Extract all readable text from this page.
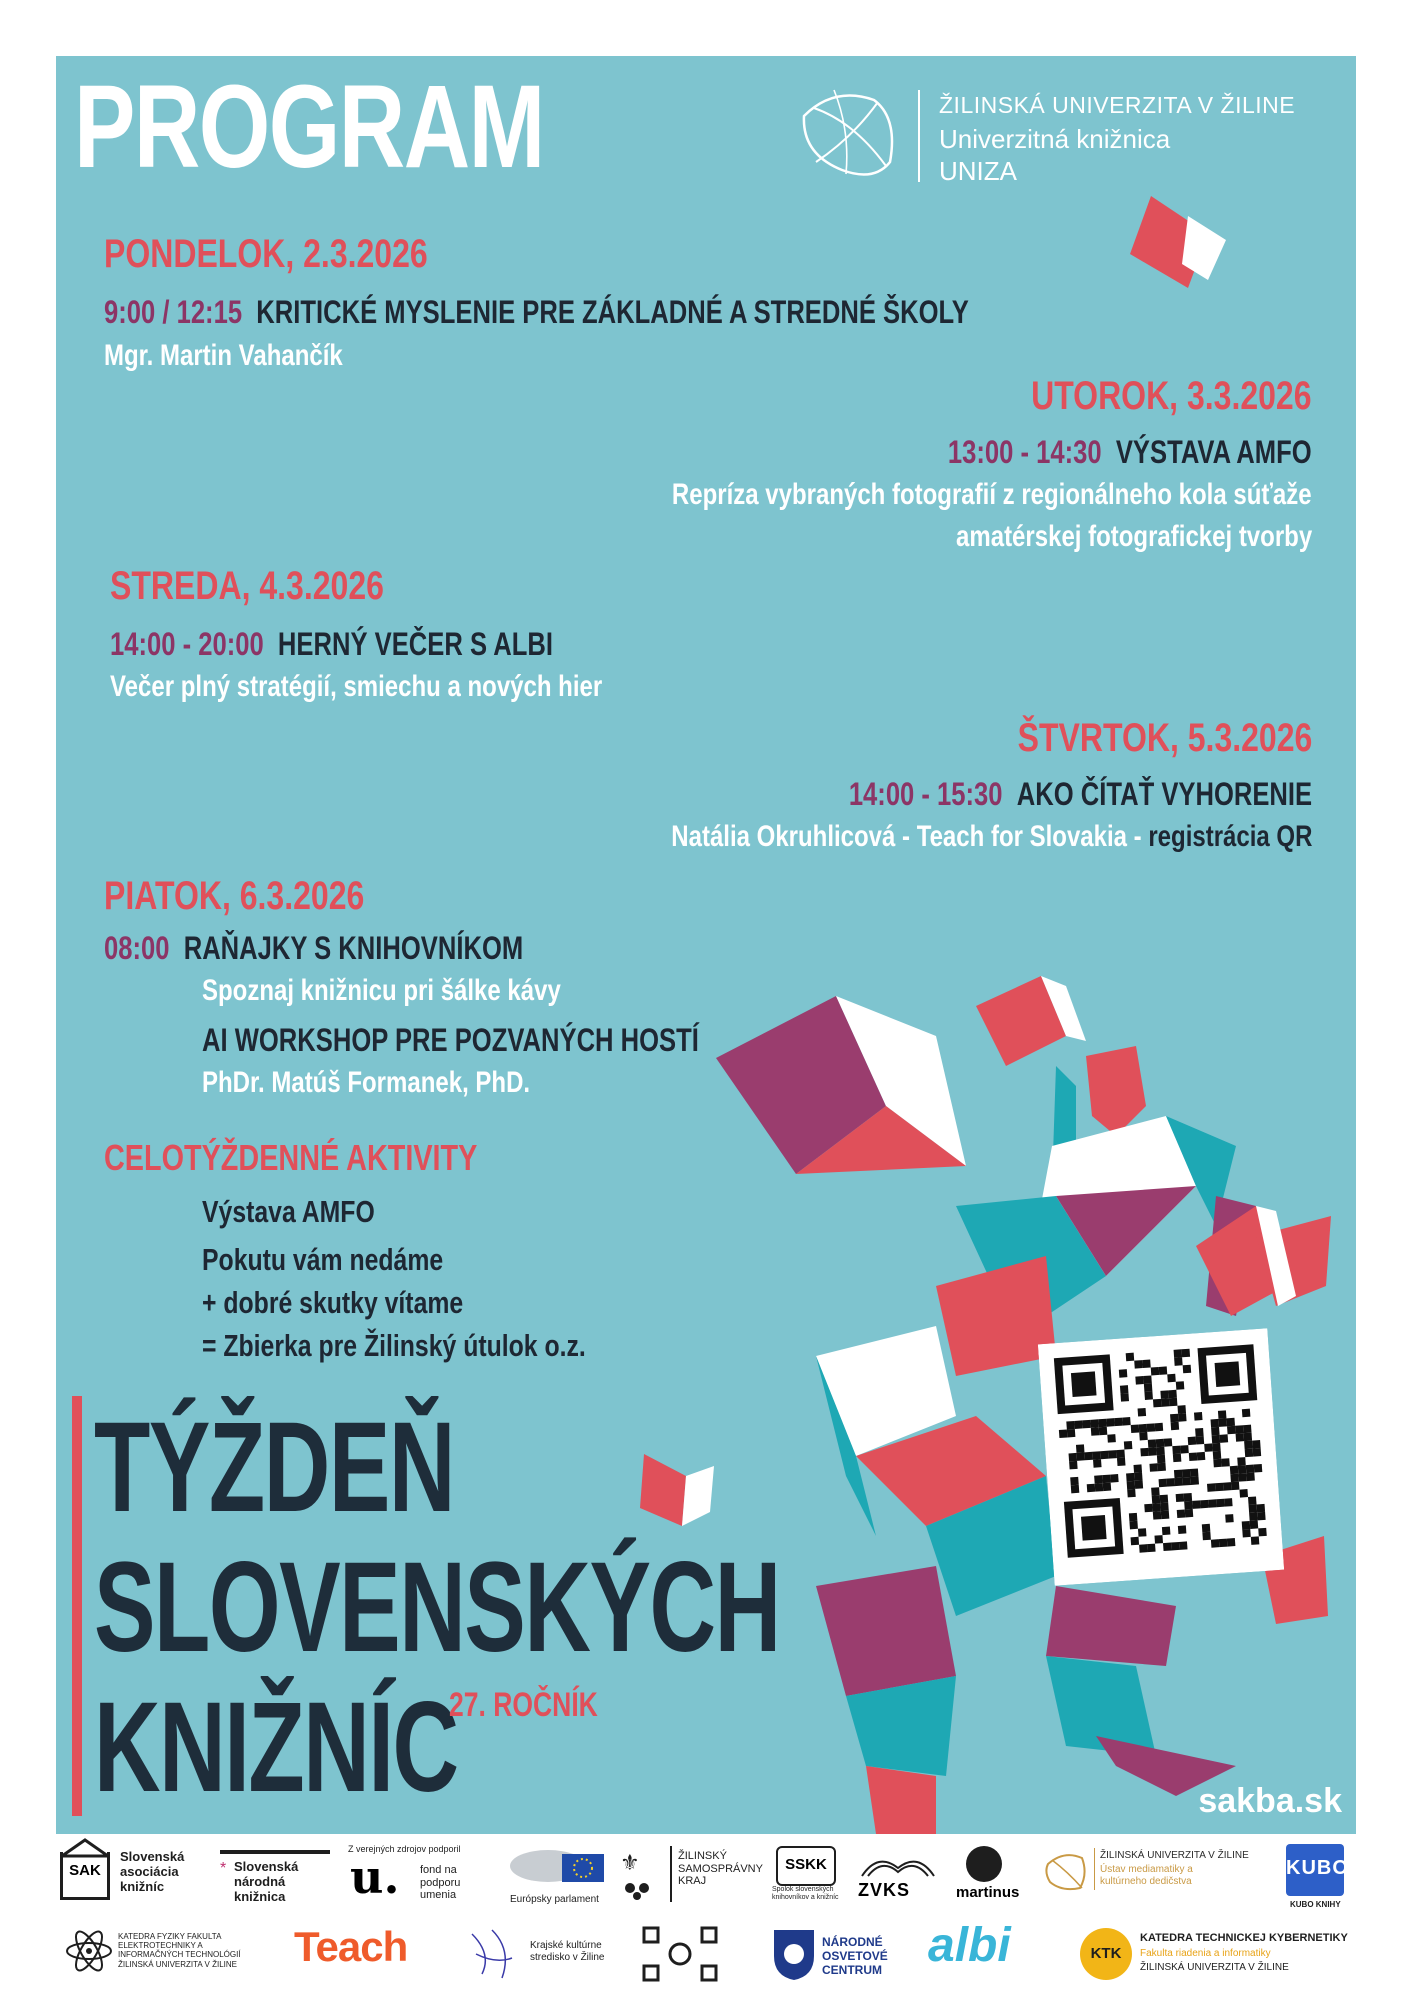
PROGRAM	ŽILINSKÁ UNIVERZITA V ŽILINE
Univerzitná knižnica
UNIZA
PONDELOK, 2.3.2026
9:00 / 12:15 KRITICKÉ MYSLENIE PRE ZÁKLADNÉ A STREDNÉ ŠKOLY
Mgr. Martin Vahančík
UTOROK, 3.3.2026
13:00 - 14:30 VÝSTAVA AMFO
Repríza vybraných fotografií z regionálneho kola súťaže
amatérskej fotografickej tvorby
STREDA, 4.3.2026
14:00 - 20:00 HERNÝ VEČER S ALBI
Večer plný stratégií, smiechu a nových hier
ŠTVRTOK, 5.3.2026
14:00 - 15:30 AKO ČÍTAŤ VYHORENIE
Natália Okruhlicová - Teach for Slovakia - registrácia QR
PIATOK, 6.3.2026
08:00 RAŇAJKY S KNIHOVNÍKOM
Spoznaj knižnicu pri šálke kávy
AI WORKSHOP PRE POZVANÝCH HOSTÍ
PhDr. Matúš Formanek, PhD.
CELOTÝŽDENNÉ AKTIVITY
Výstava AMFO
Pokutu vám nedáme
+ dobré skutky vítame
= Zbierka pre Žilinský útulok o.z.
TÝŽDEŇ
SLOVENSKÝCH
KNIŽNÍC
27. ROČNÍK
sakba.sk
SAK
Slovenská asociácia knižníc
Slovenská národná knižnica
*
Z verejných zdrojov podporil
u. fond na podporu umenia	Európsky parlament
⚜	ŽILINSKÝ SAMOSPRÁVNY KRAJ
SSKK
Spolok slovenských knihovníkov a knižníc ZVKS	martinus
ŽILINSKÁ UNIVERZITA V ŽILINE
Ústav mediamatiky a kultúrneho dedičstva
KUBO
KUBO KNIHY
KATEDRA FYZIKY FAKULTA ELEKTROTECHNIKY A INFORMAČNÝCH TECHNOLÓGIÍ ŽILINSKÁ UNIVERZITA V ŽILINE	Teach	Krajské kultúrne stredisko v Žiline
NÁRODNÉ OSVETOVÉ CENTRUM albi	KTK
KATEDRA TECHNICKEJ KYBERNETIKY
Fakulta riadenia a informatiky
ŽILINSKÁ UNIVERZITA V ŽILINE
